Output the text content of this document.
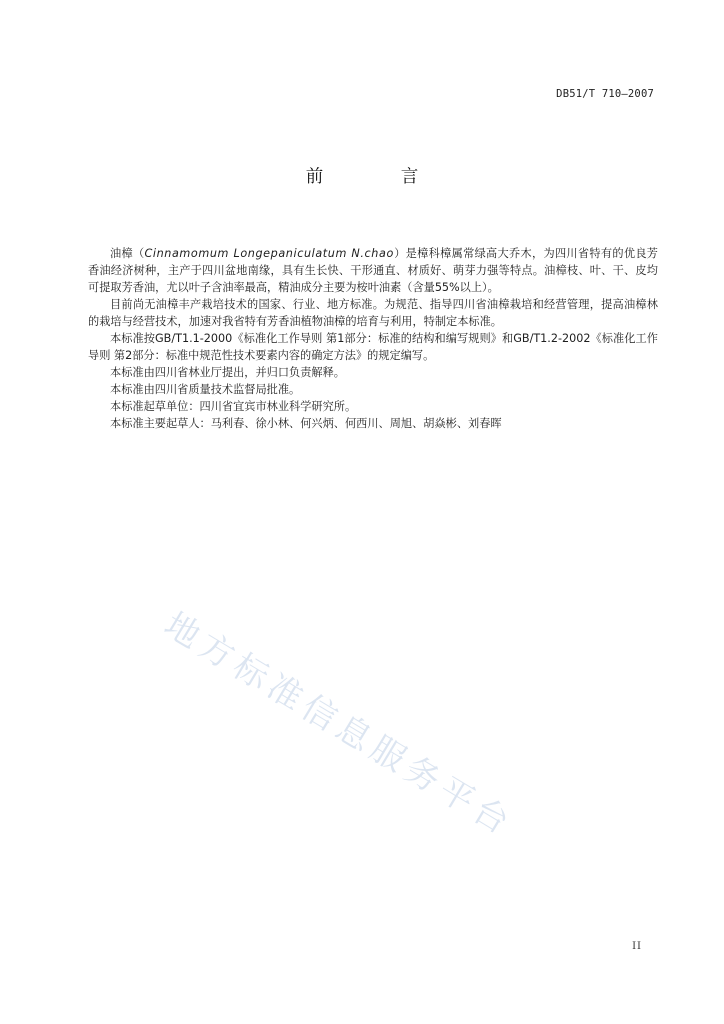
DB51/T 710—2007
前 言

油樟（Cinnamomum Longepaniculatum N.chao）是樟科樟属常绿高大乔木，为四川省特有的优良芳香油经济树种，主产于四川盆地南缘，具有生长快、干形通直、材质好、萌芽力强等特点。油樟枝、叶、干、皮均可提取芳香油，尤以叶子含油率最高，精油成分主要为桉叶油素（含量55%以上）。

目前尚无油樟丰产栽培技术的国家、行业、地方标准。为规范、指导四川省油樟栽培和经营管理，提高油樟林的栽培与经营技术，加速对我省特有芳香油植物油樟的培育与利用，特制定本标准。

本标准按GB/T1.1-2000《标准化工作导则 第1部分：标准的结构和编写规则》和GB/T1.2-2002《标准化工作导则 第2部分：标准中规范性技术要素内容的确定方法》的规定编写。

本标准由四川省林业厅提出，并归口负责解释。

本标准由四川省质量技术监督局批准。

本标准起草单位：四川省宜宾市林业科学研究所。

本标准主要起草人：马利春、徐小林、何兴炳、何西川、周旭、胡焱彬、刘春晖

地方标准信息服务平台
II
